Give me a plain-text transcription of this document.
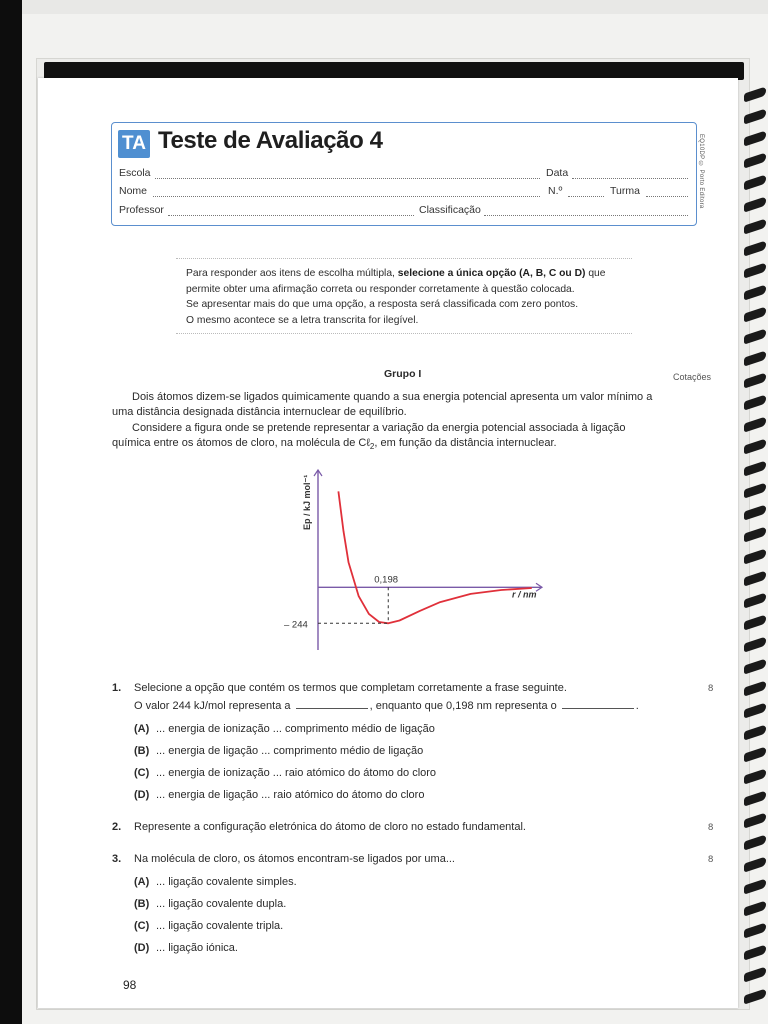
TA Teste de Avaliação 4	EQ10DP © Porto Editora
Escola	Data
Nome	N.º	Turma
Professor	Classificação

Para responder aos itens de escolha múltipla, selecione a única opção (A, B, C ou D) que

permite obter uma afirmação correta ou responder corretamente à questão colocada.

Se apresentar mais do que uma opção, a resposta será classificada com zero pontos.

O mesmo acontece se a letra transcrita for ilegível.

Grupo I	Cotações
Dois átomos dizem-se ligados quimicamente quando a sua energia potencial apresenta um valor mínimo a
uma distância designada distância internuclear de equilíbrio.
Considere a figura onde se pretende representar a variação da energia potencial associada à ligação
química entre os átomos de cloro, na molécula de Cℓ$_2$, em função da distância internuclear.
0,198
– 244
r / nm
Ep / kJ mol⁻¹
1. Selecione a opção que contém os termos que completam corretamente a frase seguinte.	8
O valor 244 kJ/mol representa a	, enquanto que 0,198 nm representa o	.
(A) ... energia de ionização ... comprimento médio de ligação
(B) ... energia de ligação ... comprimento médio de ligação
(C) ... energia de ionização ... raio atómico do átomo do cloro
(D) ... energia de ligação ... raio atómico do átomo do cloro
2. Represente a configuração eletrónica do átomo de cloro no estado fundamental.	8
3. Na molécula de cloro, os átomos encontram-se ligados por uma...	8
(A) ... ligação covalente simples.
(B) ... ligação covalente dupla.
(C) ... ligação covalente tripla.
(D) ... ligação iónica.
98
